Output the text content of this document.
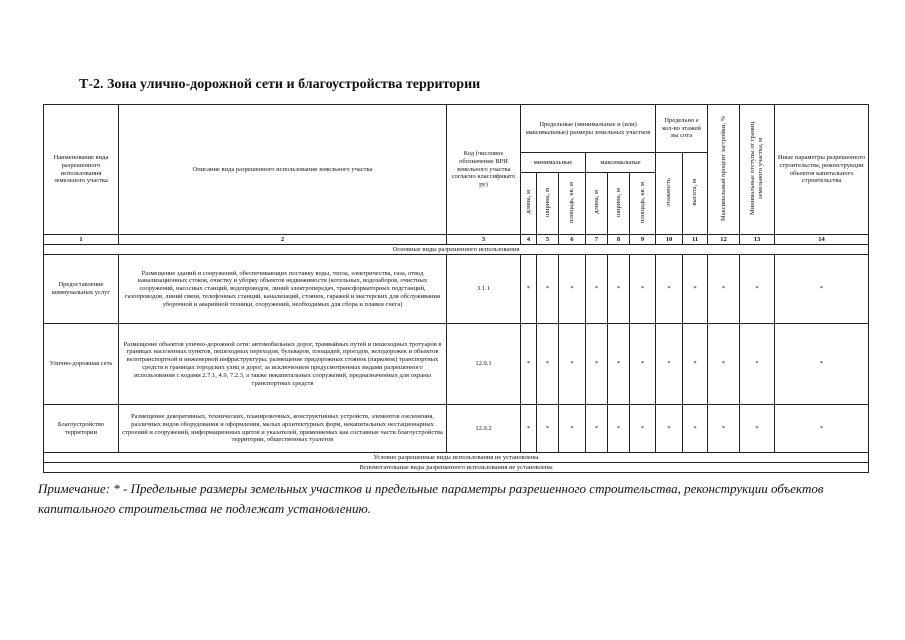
Т-2. Зона улично-дорожной сети и благоустройства территории
Наименование вида разрешенного использования земельного участка	Описание вида разрешенного использования земельного участка	Код (числовое обозначение ВРИ земельного участка согласно классификато ру)	Предельные (минимальные и (или) максимальные) размеры земельных участков						Предельно е кол-во этажей вы сота		Максимальный процент застройки, %	Минимальные отступы от границ земельного участка, м	Иные параметры разрешенного строительства, реконструкции объектов капитального строительства
			минимальные			максимальные			этажность	высота, м			
			длина, м	ширина, м	площадь, кв. м	длина, м	ширина, м	площадь, кв. м					
1	2	3	4	5	6	7	8	9	10	11	12	13	14
Основные виды разрешенного использования													
Предоставление коммунальных услуг	Размещение зданий и сооружений, обеспечивающих поставку воды, тепла, электричества, газа, отвод канализационных стоков, очистку и уборку объектов недвижимости (котельных, водозаборов, очистных сооружений, насосных станций, водопроводов, линий электропередач, трансформаторных подстанций, газопроводов, линий связи, телефонных станций, канализаций, стоянок, гаражей и мастерских для обслуживания уборочной и аварийной техники, сооружений, необходимых для сбора и плавки снега)	3.1.1	*	*	*	*	*	*	*	*	*	*	*
Улично-дорожная сеть	Размещение объектов улично-дорожной сети: автомобильных дорог, трамвайных путей и пешеходных тротуаров в границах населенных пунктов, пешеходных переходов, бульваров, площадей, проездов, велодорожек и объектов велотранспортной и инженерной инфраструктуры; размещение придорожных стоянок (парковок) транспортных средств в границах городских улиц и дорог, за исключением предусмотренных видами разрешенного использования с кодами 2.7.1, 4.9, 7.2.3, а также некапитальных сооружений, предназначенных для охраны транспортных средств	12.0.1	*	*	*	*	*	*	*	*	*	*	*
Благоустройство территории	Размещение декоративных, технических, планировочных, конструктивных устройств, элементов озеленения, различных видов оборудования и оформления, малых архитектурных форм, некапитальных нестационарных строений и сооружений, информационных щитов и указателей, применяемых как составные части благоустройства территории, общественных туалетов	12.0.2	*	*	*	*	*	*	*	*	*	*	*
Условно разрешенные виды использования не установлены													
Вспомогательные виды разрешенного использования не установлены													
Примечание: * - Предельные размеры земельных участков и предельные параметры разрешенного строительства, реконструкции объектов капитального строительства не подлежат установлению.
